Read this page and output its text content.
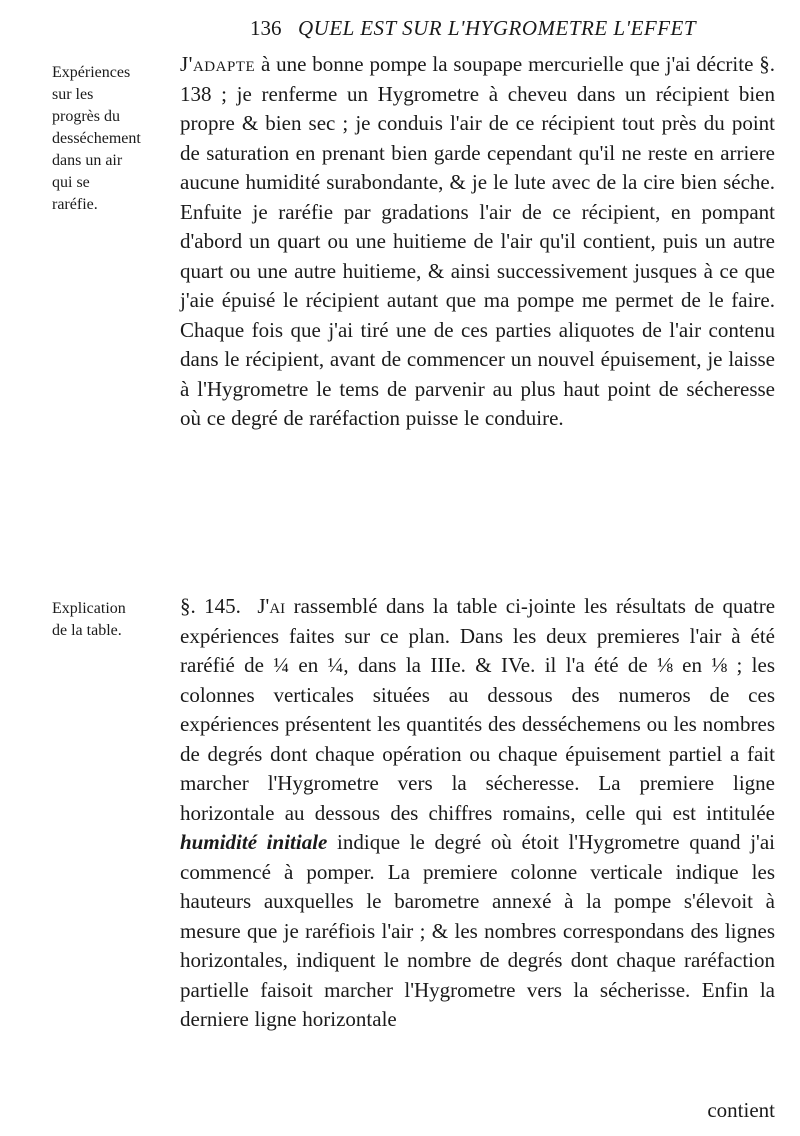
136 QUEL EST SUR L'HYGROMETRE L'EFFET
Expériences sur les progrès du desséchement dans un air qui se raréfie.
Explication de la table.
J'adapte à une bonne pompe la soupape mercurielle que j'ai décrite §. 138 ; je renferme un Hygrometre à cheveu dans un récipient bien propre & bien sec ; je conduis l'air de ce récipient tout près du point de saturation en prenant bien garde cependant qu'il ne reste en arriere aucune humidité surabondante, & je le lute avec de la cire bien séche. Enfuite je raréfie par gradations l'air de ce récipient, en pompant d'abord un quart ou une huitieme de l'air qu'il contient, puis un autre quart ou une autre huitieme, & ainsi successivement jusques à ce que j'aie épuisé le récipient autant que ma pompe me permet de le faire. Chaque fois que j'ai tiré une de ces parties aliquotes de l'air contenu dans le récipient, avant de commencer un nouvel épuisement, je laisse à l'Hygrometre le tems de parvenir au plus haut point de sécheresse où ce degré de raréfaction puisse le conduire.
§. 145. J'ai rassemblé dans la table ci-jointe les résultats de quatre expériences faites sur ce plan. Dans les deux premieres l'air à été raréfié de ¼ en ¼, dans la IIIe. & IVe. il l'a été de ⅛ en ⅛ ; les colonnes verticales situées au dessous des numeros de ces expériences présentent les quantités des desséchemens ou les nombres de degrés dont chaque opération ou chaque épuisement partiel a fait marcher l'Hygrometre vers la sécheresse. La premiere ligne horizontale au dessous des chiffres romains, celle qui est intitulée humidité initiale indique le degré où étoit l'Hygrometre quand j'ai commencé à pomper. La premiere colonne verticale indique les hauteurs auxquelles le barometre annexé à la pompe s'élevoit à mesure que je raréfiois l'air ; & les nombres correspondans des lignes horizontales, indiquent le nombre de degrés dont chaque raréfaction partielle faisoit marcher l'Hygrometre vers la sécherisse. Enfin la derniere ligne horizontale
contient
